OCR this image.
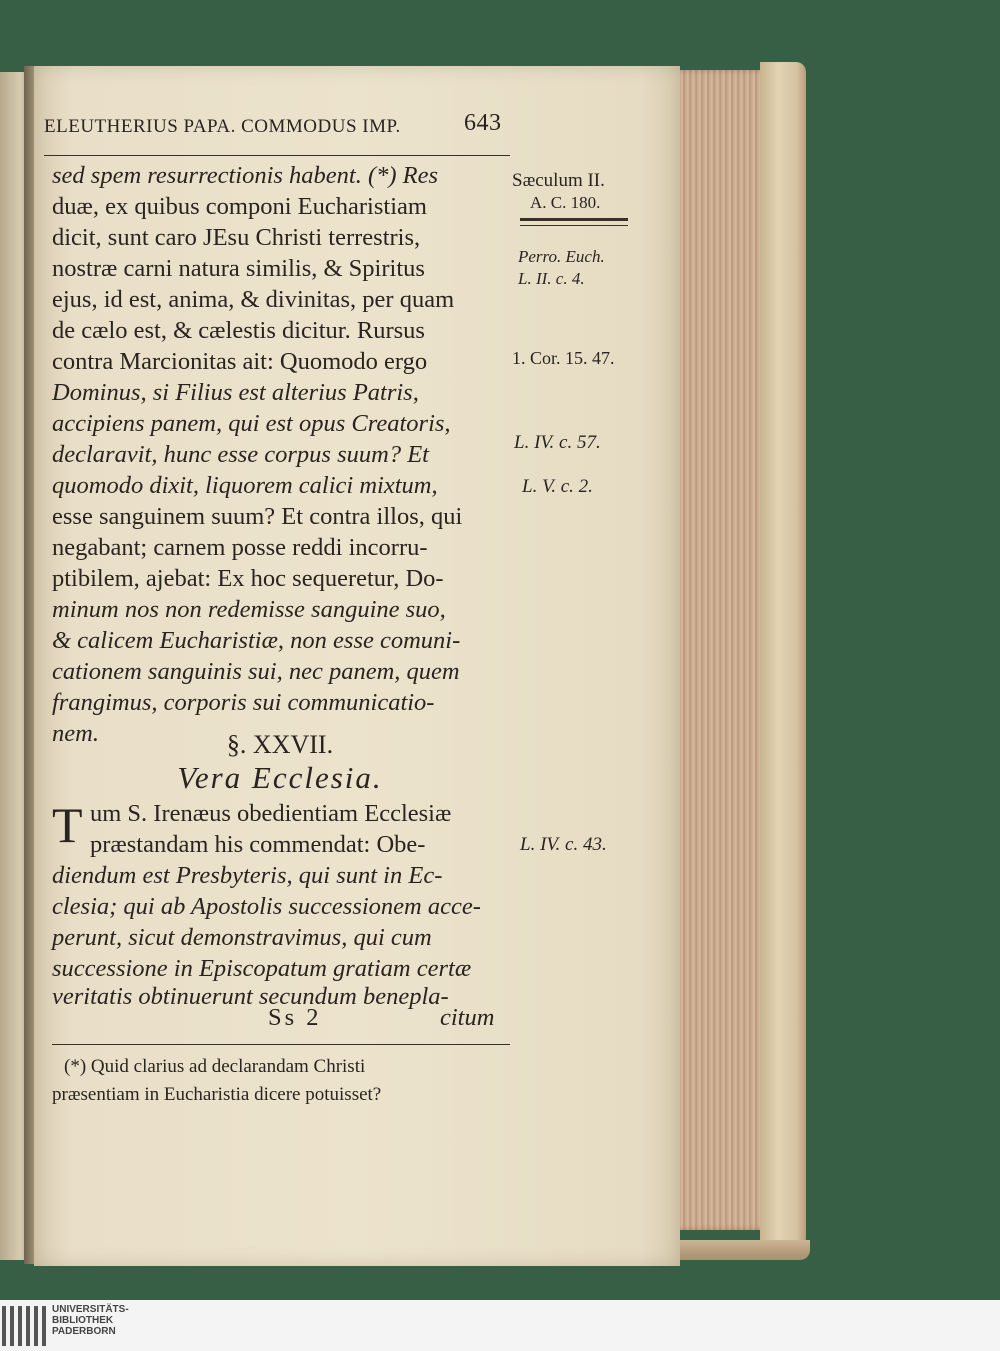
ELEUTHERIUS PAPA. COMMODUS IMP.	643
sed spem resurrectionis habent. (*) Res
duæ, ex quibus componi Eucharistiam
dicit, sunt caro JEsu Christi terrestris,
nostræ carni natura similis, & Spiritus
ejus, id est, anima, & divinitas, per quam
de cælo est, & cælestis dicitur. Rursus
contra Marcionitas ait: Quomodo ergo
Dominus, si Filius est alterius Patris,
accipiens panem, qui est opus Creatoris,
declaravit, hunc esse corpus suum? Et
quomodo dixit, liquorem calici mixtum,
esse sanguinem suum? Et contra illos, qui
negabant; carnem posse reddi incorru-
ptibilem, ajebat: Ex hoc sequeretur, Do-
minum nos non redemisse sanguine suo,
& calicem Eucharistiæ, non esse comuni-
cationem sanguinis sui, nec panem, quem
frangimus, corporis sui communicatio-
nem.	§. XXVII.
Vera Ecclesia.
T um S. Irenæus obedientiam Ecclesiæ
præstandam his commendat: Obe-
diendum est Presbyteris, qui sunt in Ec-
clesia; qui ab Apostolis successionem acce-
perunt, sicut demonstravimus, qui cum
successione in Episcopatum gratiam certæ
veritatis obtinuerunt secundum benepla-
Ss 2	citum
(*) Quid clarius ad declarandam Christi
præsentiam in Eucharistia dicere potuisset?
Sæculum II.
A. C. 180.
Perro. Euch.
L. II. c. 4.
1. Cor. 15. 47.
L. IV. c. 57.
L. V. c. 2.
L. IV. c. 43.
UNIVERSITÄTS-
BIBLIOTHEK
PADERBORN
